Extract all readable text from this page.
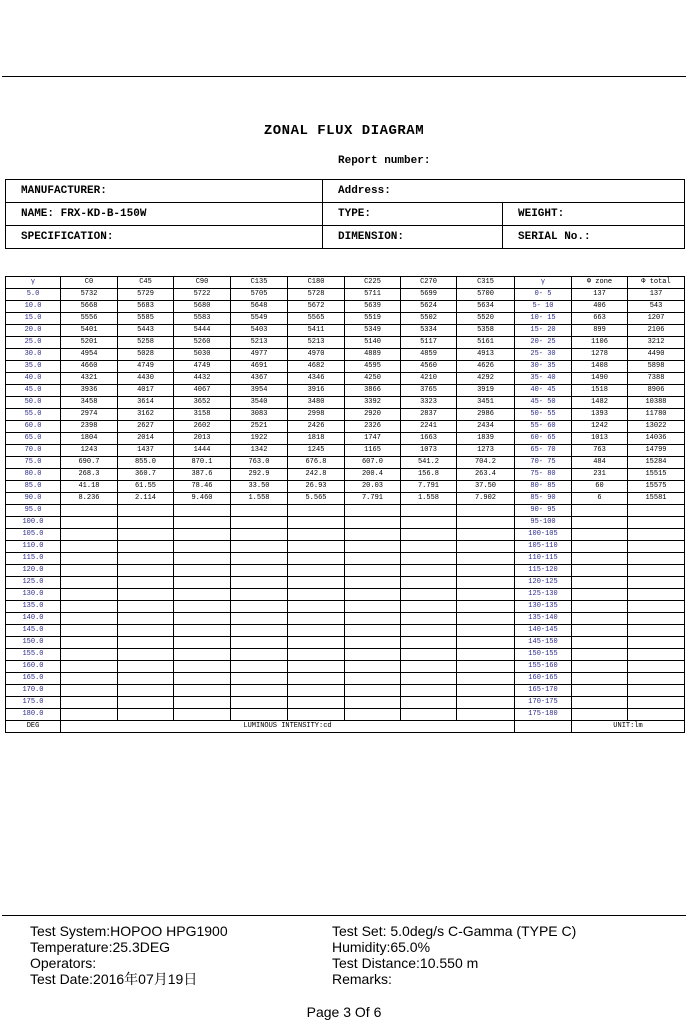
ZONAL FLUX DIAGRAM
Report number:
MANUFACTURER:	Address:	
NAME: FRX-KD-B-150W	TYPE:	WEIGHT:
SPECIFICATION:	DIMENSION:	SERIAL No.:
γ	C0	C45	C90	C135	C180	C225	C270	C315	γ	Φ zone	Φ total
5.0	5732	5729	5722	5705	5728	5711	5699	5700	0- 5	137	137
10.0	5668	5683	5680	5648	5672	5639	5624	5634	5- 10	406	543
15.0	5556	5585	5583	5549	5565	5519	5502	5520	10- 15	663	1207
20.0	5401	5443	5444	5403	5411	5349	5334	5358	15- 20	899	2106
25.0	5201	5258	5260	5213	5213	5140	5117	5161	20- 25	1106	3212
30.0	4954	5028	5030	4977	4970	4889	4859	4913	25- 30	1278	4490
35.0	4660	4749	4749	4691	4682	4595	4560	4626	30- 35	1408	5898
40.0	4321	4430	4432	4367	4346	4250	4210	4292	35- 40	1490	7388
45.0	3936	4017	4067	3954	3916	3866	3765	3919	40- 45	1518	8906
50.0	3458	3614	3652	3540	3480	3392	3323	3451	45- 50	1482	10388
55.0	2974	3162	3158	3083	2998	2920	2837	2986	50- 55	1393	11780
60.0	2398	2627	2602	2521	2426	2326	2241	2434	55- 60	1242	13022
65.0	1804	2014	2013	1922	1818	1747	1663	1839	60- 65	1013	14036
70.0	1243	1437	1444	1342	1245	1165	1073	1273	65- 70	763	14799
75.0	690.7	855.0	870.1	763.0	676.8	607.0	541.2	704.2	70- 75	484	15284
80.0	268.3	360.7	387.6	292.9	242.8	200.4	156.8	263.4	75- 80	231	15515
85.0	41.18	61.55	78.46	33.50	26.93	20.03	7.791	37.50	80- 85	60	15575
90.0	8.236	2.114	9.460	1.558	5.565	7.791	1.558	7.902	85- 90	6	15581
95.0									90- 95		
100.0									95-100		
105.0									100-105		
110.0									105-110		
115.0									110-115		
120.0									115-120		
125.0									120-125		
130.0									125-130		
135.0									130-135		
140.0									135-140		
145.0									140-145		
150.0									145-150		
155.0									150-155		
160.0									155-160		
165.0									160-165		
170.0									165-170		
175.0									170-175		
180.0									175-180		
DEG	LUMINOUS INTENSITY:cd									UNIT:lm	
Test System:HOPOO HPG1900
Temperature:25.3DEG
Operators:
Test Date:2016年07月19日
Test Set: 5.0deg/s C-Gamma (TYPE C)
Humidity:65.0%
Test Distance:10.550 m
Remarks:
Page 3 Of 6
